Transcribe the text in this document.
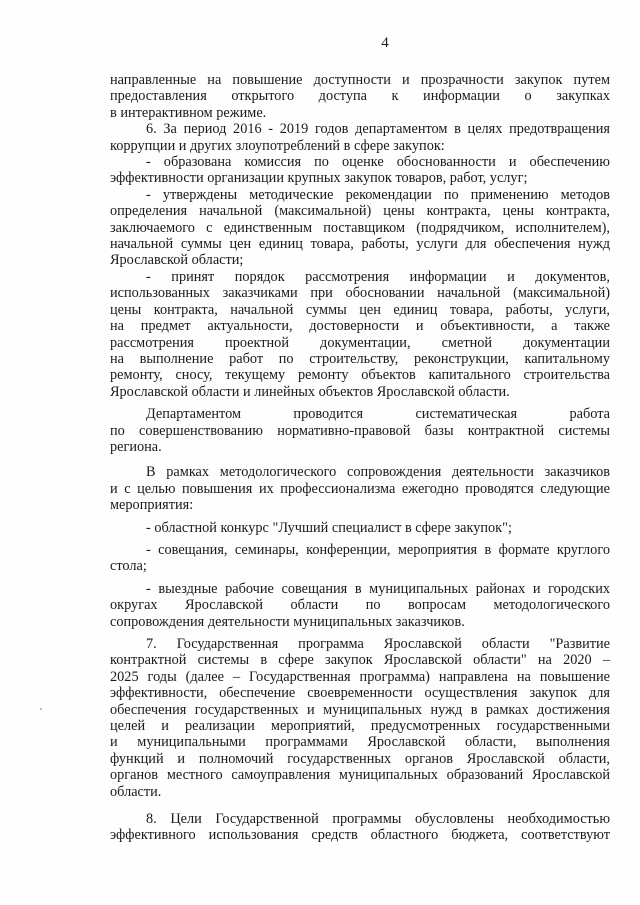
4

направленные на повышение доступности и прозрачности закупок путем
предоставления открытого доступа к информации о закупках
в интерактивном режиме.

6. За период 2016 - 2019 годов департаментом в целях предотвращения
коррупции и других злоупотреблений в сфере закупок:

- образована комиссия по оценке обоснованности и обеспечению
эффективности организации крупных закупок товаров, работ, услуг;

- утверждены методические рекомендации по применению методов
определения начальной (максимальной) цены контракта, цены контракта,
заключаемого с единственным поставщиком (подрядчиком, исполнителем),
начальной суммы цен единиц товара, работы, услуги для обеспечения нужд
Ярославской области;

- принят порядок рассмотрения информации и документов,
использованных заказчиками при обосновании начальной (максимальной)
цены контракта, начальной суммы цен единиц товара, работы, услуги,
на предмет актуальности, достоверности и объективности, а также
рассмотрения проектной документации, сметной документации
на выполнение работ по строительству, реконструкции, капитальному
ремонту, сносу, текущему ремонту объектов капитального строительства
Ярославской области и линейных объектов Ярославской области.

Департаментом проводится систематическая работа
по совершенствованию нормативно-правовой базы контрактной системы
региона.

В рамках методологического сопровождения деятельности заказчиков
и с целью повышения их профессионализма ежегодно проводятся следующие
мероприятия:

- областной конкурс "Лучший специалист в сфере закупок";

- совещания, семинары, конференции, мероприятия в формате круглого
стола;

- выездные рабочие совещания в муниципальных районах и городских
округах Ярославской области по вопросам методологического
сопровождения деятельности муниципальных заказчиков.

7. Государственная программа Ярославской области "Развитие
контрактной системы в сфере закупок Ярославской области" на 2020 –
2025 годы (далее – Государственная программа) направлена на повышение
эффективности, обеспечение своевременности осуществления закупок для
обеспечения государственных и муниципальных нужд в рамках достижения
целей и реализации мероприятий, предусмотренных государственными
и муниципальными программами Ярославской области, выполнения
функций и полномочий государственных органов Ярославской области,
органов местного самоуправления муниципальных образований Ярославской
области.

8. Цели Государственной программы обусловлены необходимостью
эффективного использования средств областного бюджета, соответствуют
